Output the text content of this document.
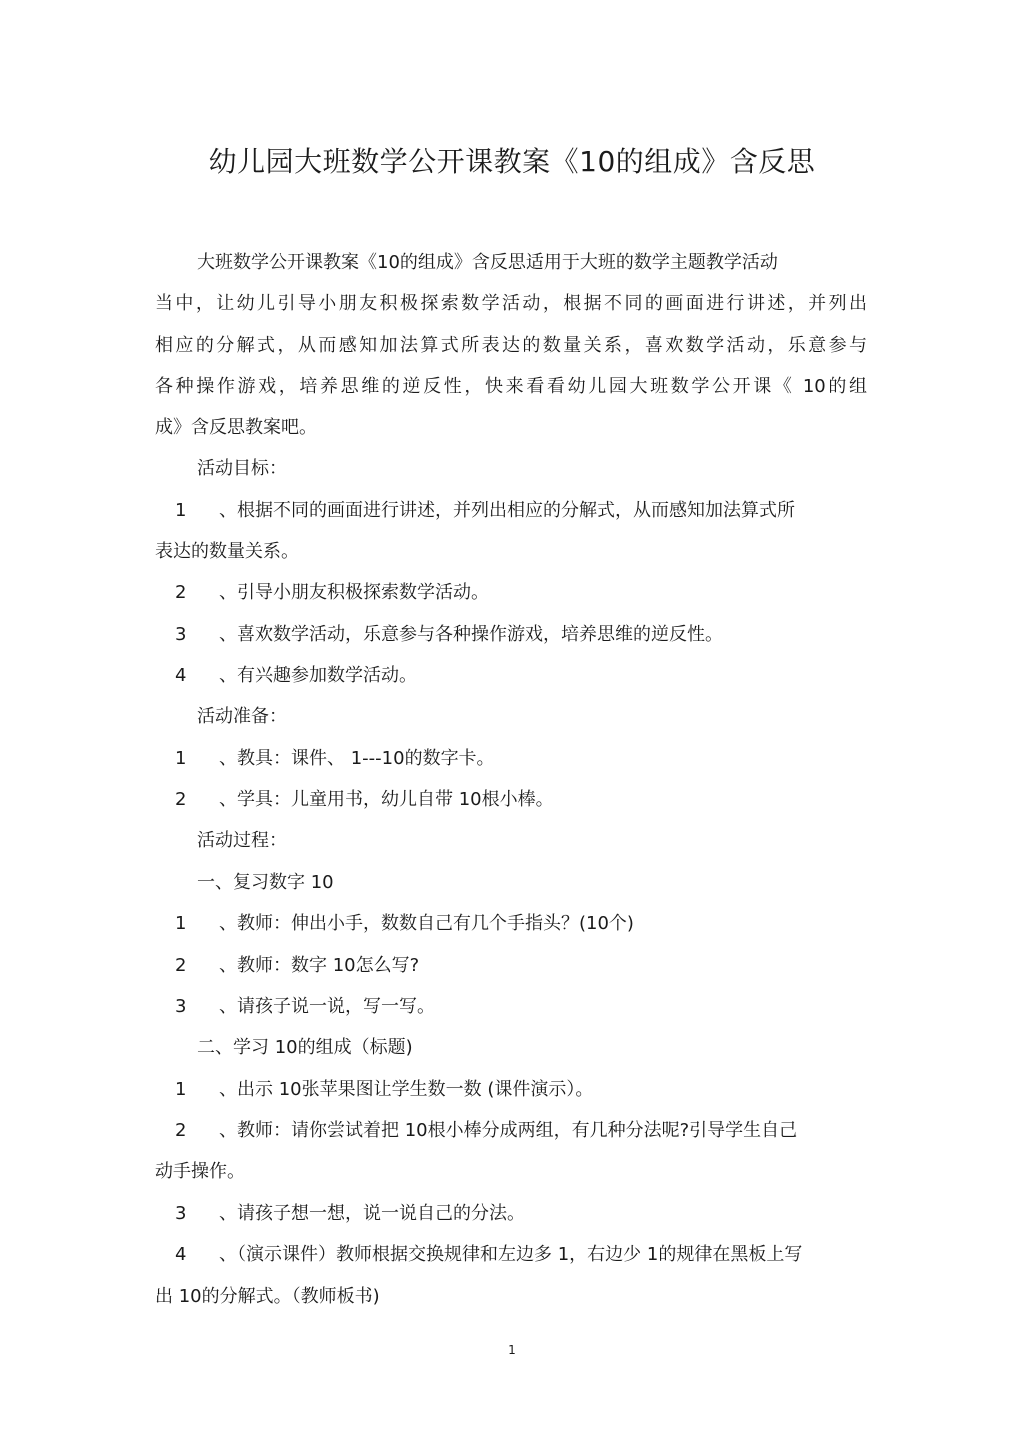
幼儿园大班数学公开课教案《10的组成》含反思
大班数学公开课教案《10的组成》含反思适用于大班的数学主题教学活动
当中，让幼儿引导小朋友积极探索数学活动，根据不同的画面进行讲述，并列出
相应的分解式，从而感知加法算式所表达的数量关系，喜欢数学活动，乐意参与
各种操作游戏，培养思维的逆反性，快来看看幼儿园大班数学公开课《 10的组
成》含反思教案吧。
活动目标：
1 、根据不同的画面进行讲述，并列出相应的分解式，从而感知加法算式所
表达的数量关系。
2 、引导小朋友积极探索数学活动。
3 、喜欢数学活动，乐意参与各种操作游戏，培养思维的逆反性。
4 、有兴趣参加数学活动。
活动准备：
1 、教具：课件、 1---10的数字卡。
2 、学具：儿童用书，幼儿自带 10根小棒。
活动过程：
一、复习数字 10
1 、教师：伸出小手，数数自己有几个手指头？(10个)
2 、教师：数字 10怎么写?
3 、请孩子说一说，写一写。
二、学习 10的组成（标题)
1 、出示 10张苹果图让学生数一数 (课件演示）。
2 、教师：请你尝试着把 10根小棒分成两组，有几种分法呢?引导学生自己
动手操作。
3 、请孩子想一想，说一说自己的分法。
4 、（演示课件）教师根据交换规律和左边多 1，右边少 1的规律在黑板上写
出 10的分解式。（教师板书)
1
